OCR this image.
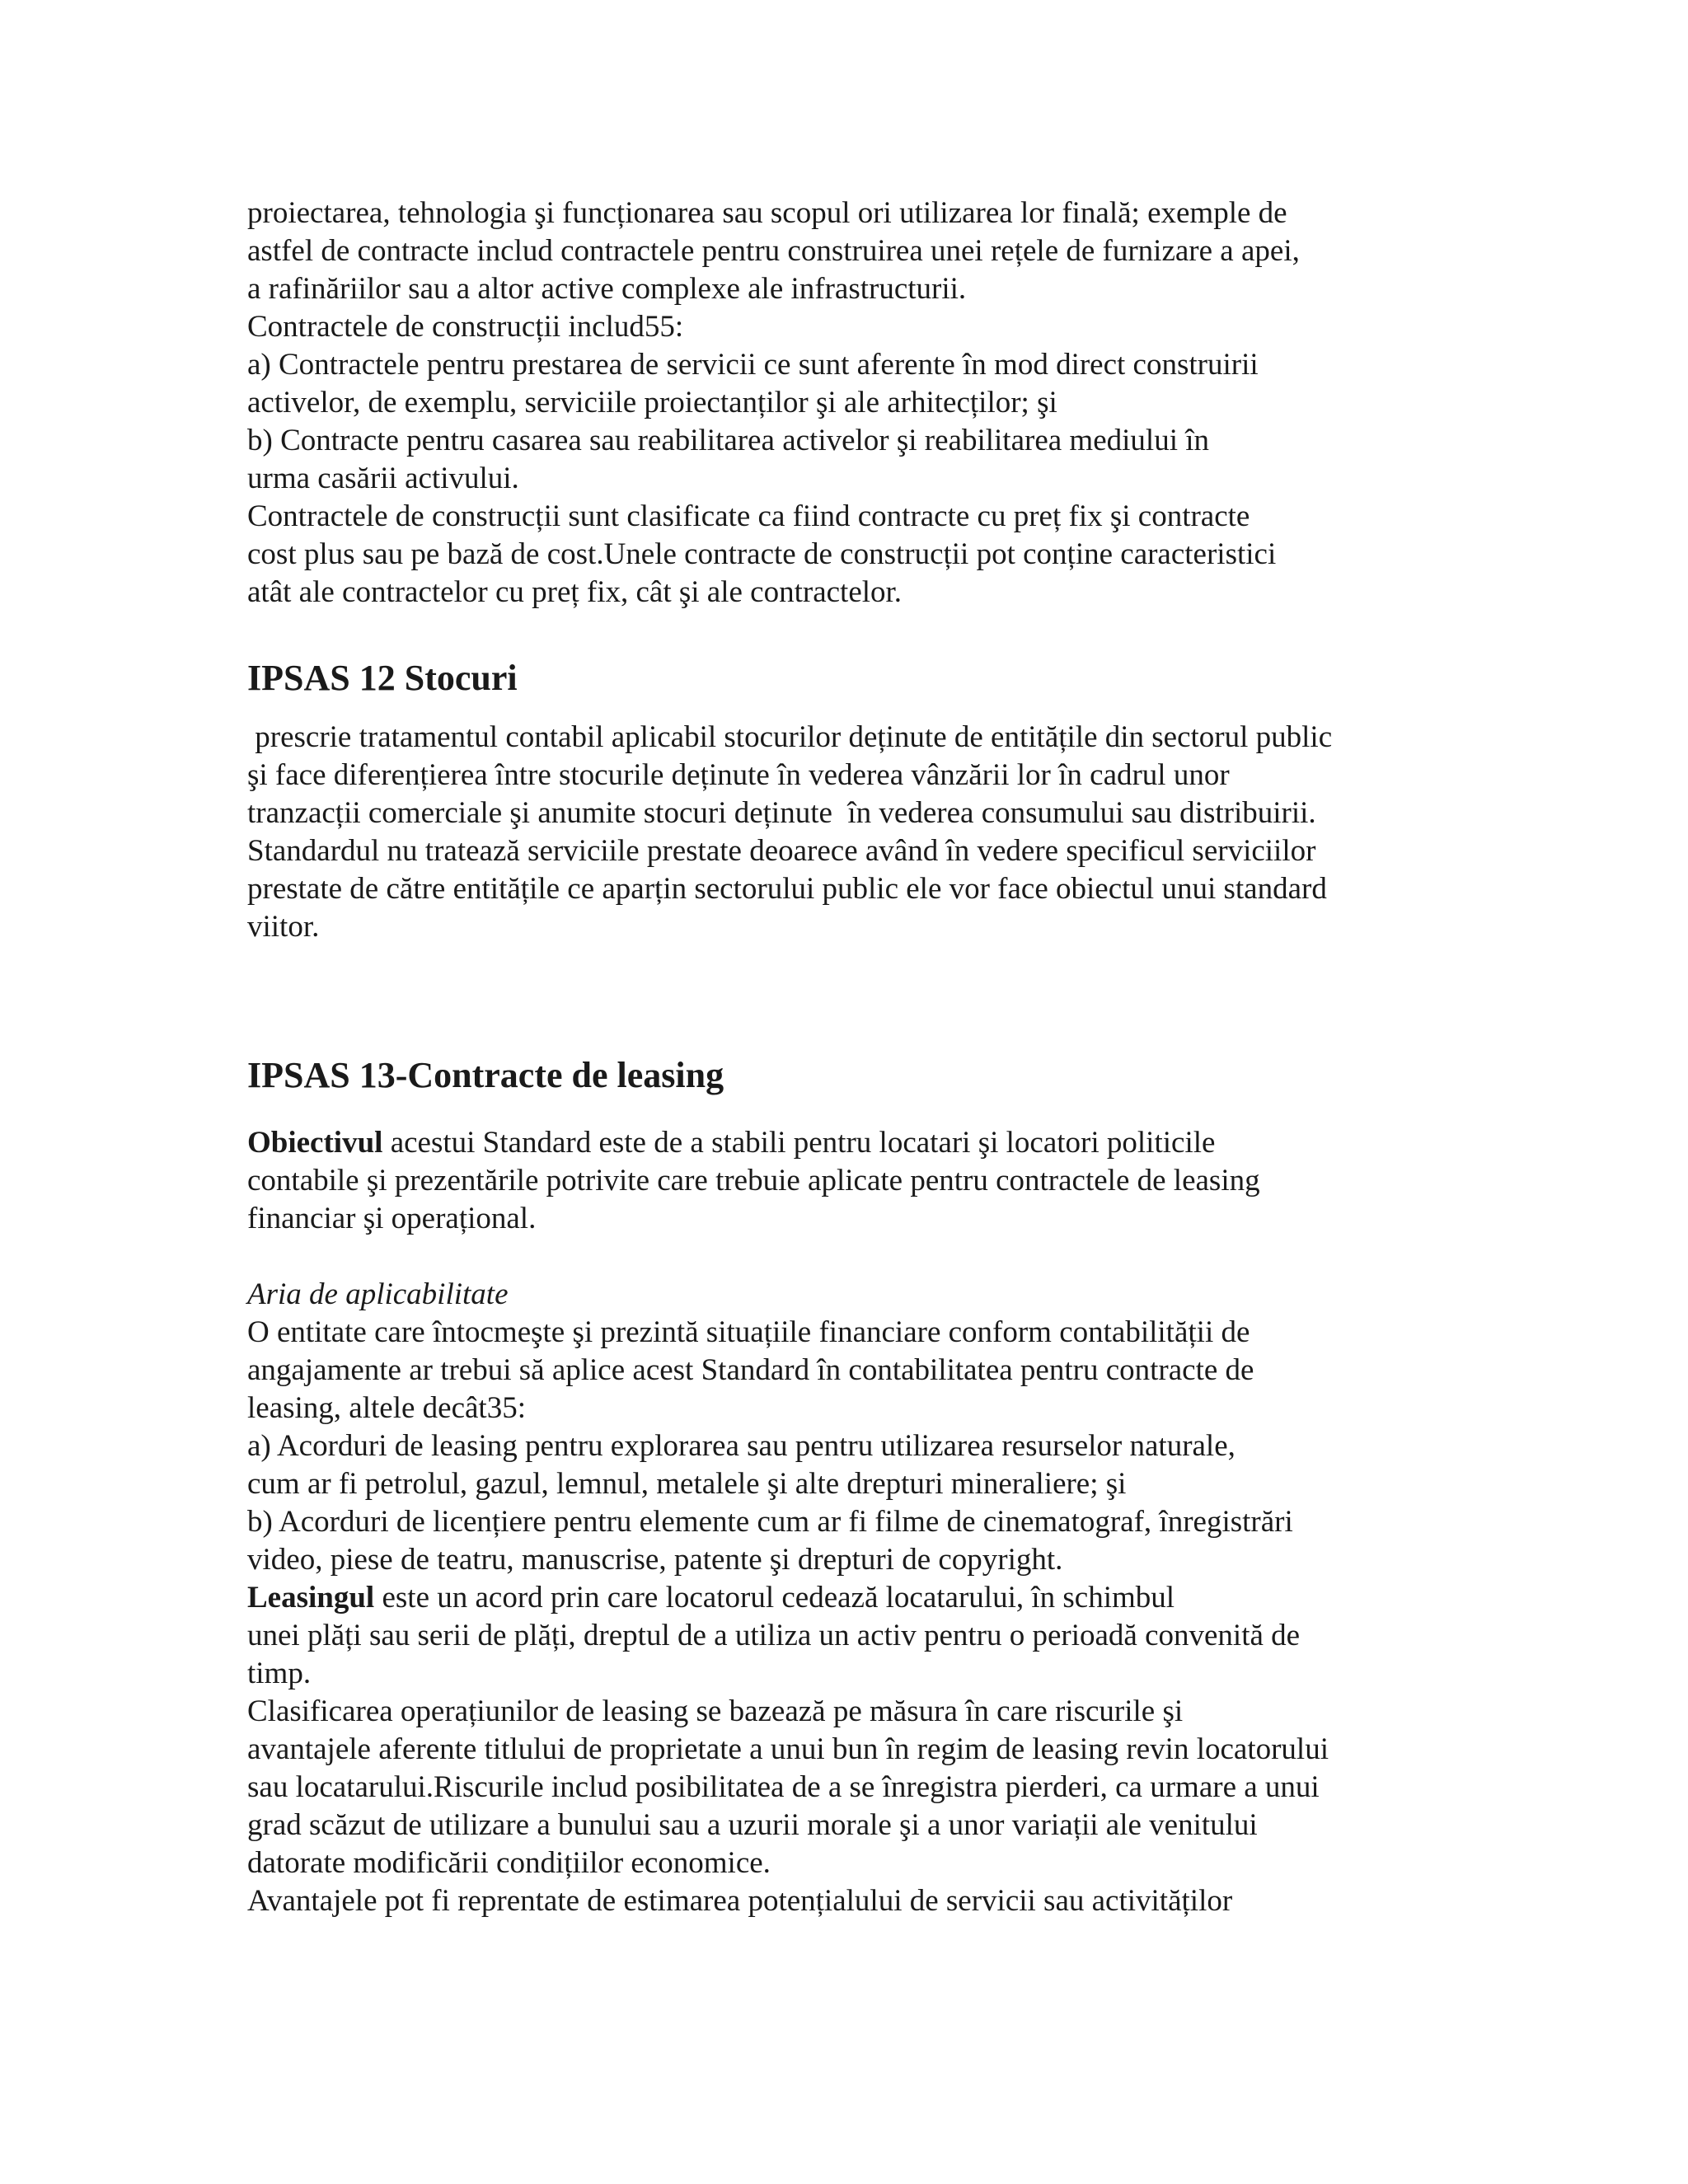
proiectarea, tehnologia şi funcționarea sau scopul ori utilizarea lor finală; exemple de
astfel de contracte includ contractele pentru construirea unei rețele de furnizare a apei,
a rafinăriilor sau a altor active complexe ale infrastructurii.
Contractele de construcții includ55:
a) Contractele pentru prestarea de servicii ce sunt aferente în mod direct construirii
activelor, de exemplu, serviciile proiectanților şi ale arhitecților; şi
b) Contracte pentru casarea sau reabilitarea activelor şi reabilitarea mediului în
urma casării activului.
Contractele de construcții sunt clasificate ca fiind contracte cu preț fix şi contracte
cost plus sau pe bază de cost.Unele contracte de construcții pot conține caracteristici
atât ale contractelor cu preț fix, cât şi ale contractelor.
IPSAS 12 Stocuri
prescrie tratamentul contabil aplicabil stocurilor deținute de entitățile din sectorul public
şi face diferențierea între stocurile deținute în vederea vânzării lor în cadrul unor
tranzacții comerciale şi anumite stocuri deținute  în vederea consumului sau distribuirii.
Standardul nu tratează serviciile prestate deoarece având în vedere specificul serviciilor
prestate de către entitățile ce aparțin sectorului public ele vor face obiectul unui standard
viitor.
IPSAS 13-Contracte de leasing
Obiectivul acestui Standard este de a stabili pentru locatari şi locatori politicile
contabile şi prezentările potrivite care trebuie aplicate pentru contractele de leasing
financiar şi operațional.
Aria de aplicabilitate
O entitate care întocmeşte şi prezintă situațiile financiare conform contabilității de
angajamente ar trebui să aplice acest Standard în contabilitatea pentru contracte de
leasing, altele decât35:
a) Acorduri de leasing pentru explorarea sau pentru utilizarea resurselor naturale,
cum ar fi petrolul, gazul, lemnul, metalele şi alte drepturi mineraliere; şi
b) Acorduri de licențiere pentru elemente cum ar fi filme de cinematograf, înregistrări
video, piese de teatru, manuscrise, patente şi drepturi de copyright.
Leasingul este un acord prin care locatorul cedează locatarului, în schimbul
unei plăți sau serii de plăți, dreptul de a utiliza un activ pentru o perioadă convenită de
timp.
Clasificarea operațiunilor de leasing se bazează pe măsura în care riscurile şi
avantajele aferente titlului de proprietate a unui bun în regim de leasing revin locatorului
sau locatarului.Riscurile includ posibilitatea de a se înregistra pierderi, ca urmare a unui
grad scăzut de utilizare a bunului sau a uzurii morale şi a unor variații ale venitului
datorate modificării condițiilor economice.
Avantajele pot fi reprentate de estimarea potențialului de servicii sau activităților
